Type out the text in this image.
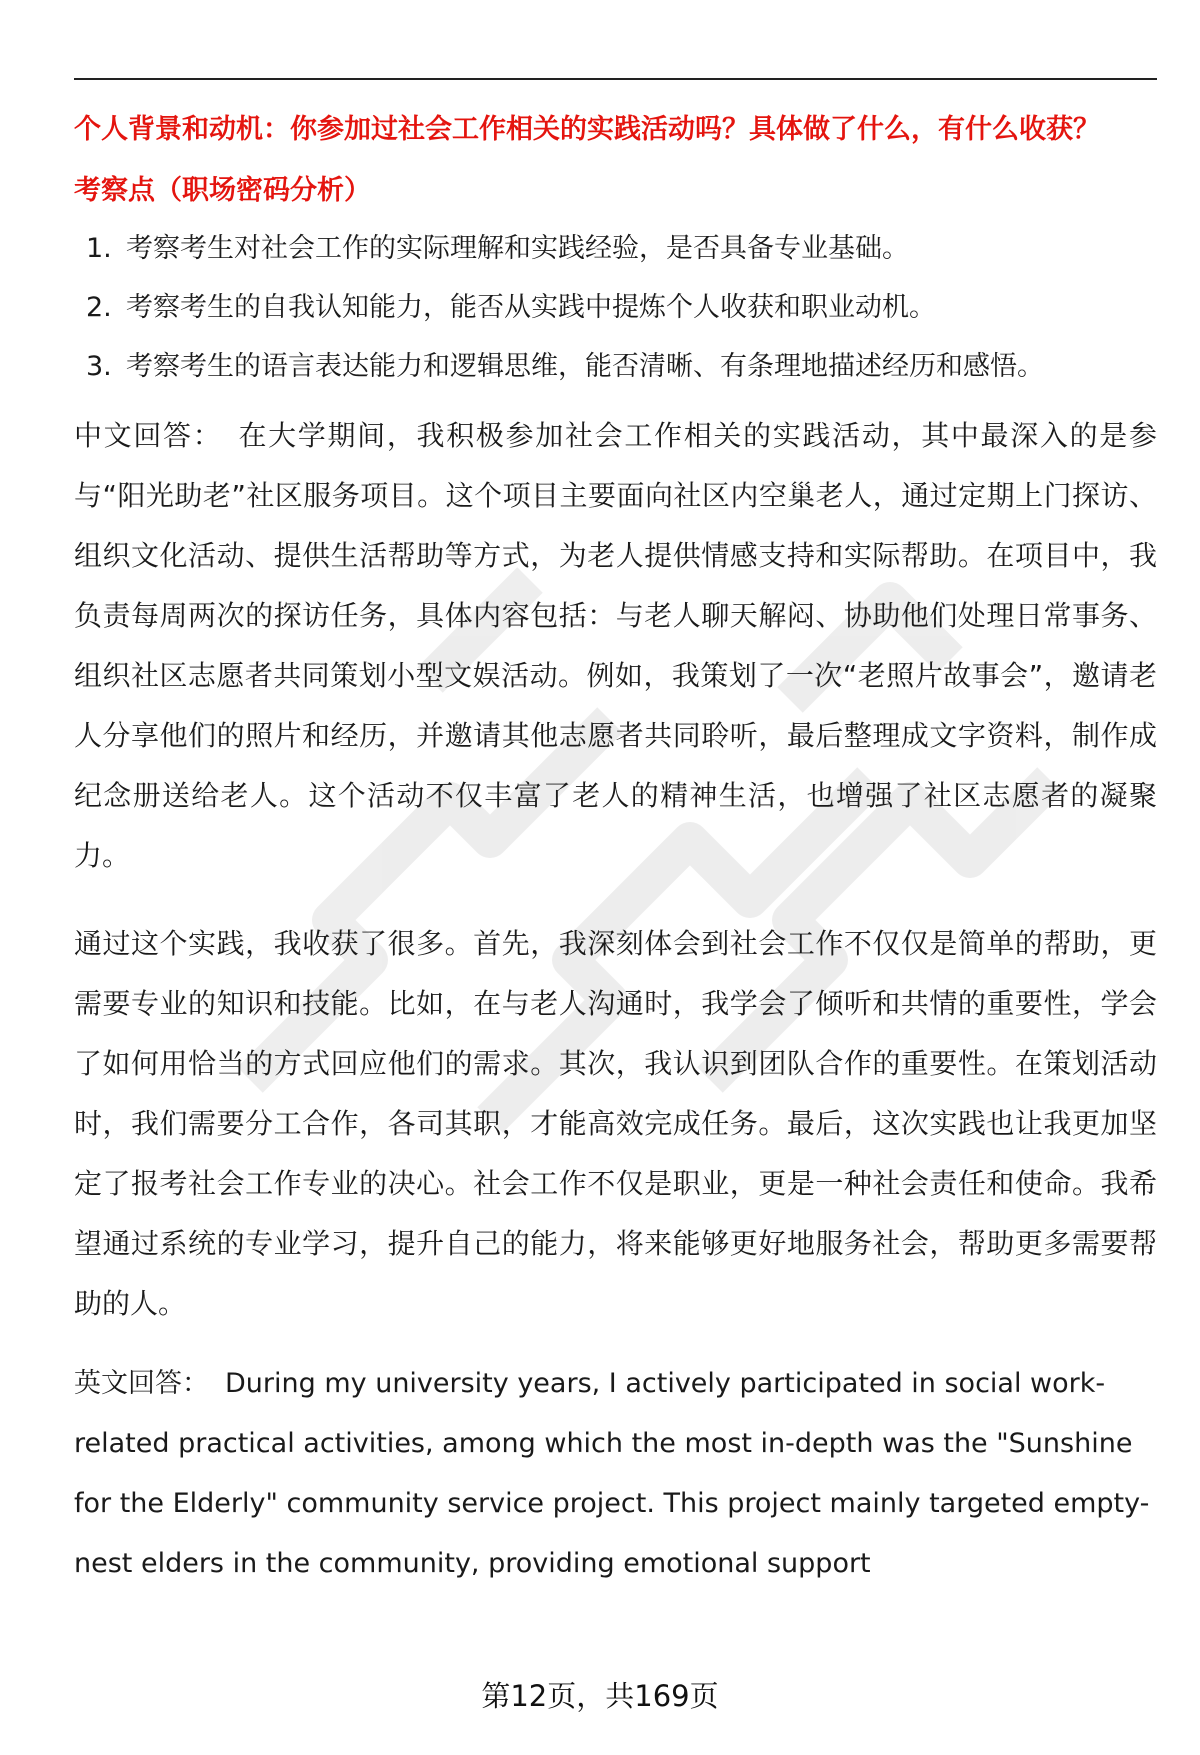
个人背景和动机：你参加过社会工作相关的实践活动吗？具体做了什么，有什么收获？

考察点（职场密码分析）

1. 考察考生对社会工作的实际理解和实践经验，是否具备专业基础。
2. 考察考生的自我认知能力，能否从实践中提炼个人收获和职业动机。
3. 考察考生的语言表达能力和逻辑思维，能否清晰、有条理地描述经历和感悟。

中文回答： 在大学期间，我积极参加社会工作相关的实践活动，其中最深入的是参与“阳光助老”社区服务项目。这个项目主要面向社区内空巢老人，通过定期上门探访、组织文化活动、提供生活帮助等方式，为老人提供情感支持和实际帮助。在项目中，我负责每周两次的探访任务，具体内容包括：与老人聊天解闷、协助他们处理日常事务、组织社区志愿者共同策划小型文娱活动。例如，我策划了一次“老照片故事会”，邀请老人分享他们的照片和经历，并邀请其他志愿者共同聆听，最后整理成文字资料，制作成纪念册送给老人。这个活动不仅丰富了老人的精神生活，也增强了社区志愿者的凝聚力。

通过这个实践，我收获了很多。首先，我深刻体会到社会工作不仅仅是简单的帮助，更需要专业的知识和技能。比如，在与老人沟通时，我学会了倾听和共情的重要性，学会了如何用恰当的方式回应他们的需求。其次，我认识到团队合作的重要性。在策划活动时，我们需要分工合作，各司其职，才能高效完成任务。最后，这次实践也让我更加坚定了报考社会工作专业的决心。社会工作不仅是职业，更是一种社会责任和使命。我希望通过系统的专业学习，提升自己的能力，将来能够更好地服务社会，帮助更多需要帮助的人。

英文回答： During my university years, I actively participated in social work-related practical activities, among which the most in-depth was the "Sunshine for the Elderly" community service project. This project mainly targeted empty-nest elders in the community, providing emotional support

第12页，共169页
